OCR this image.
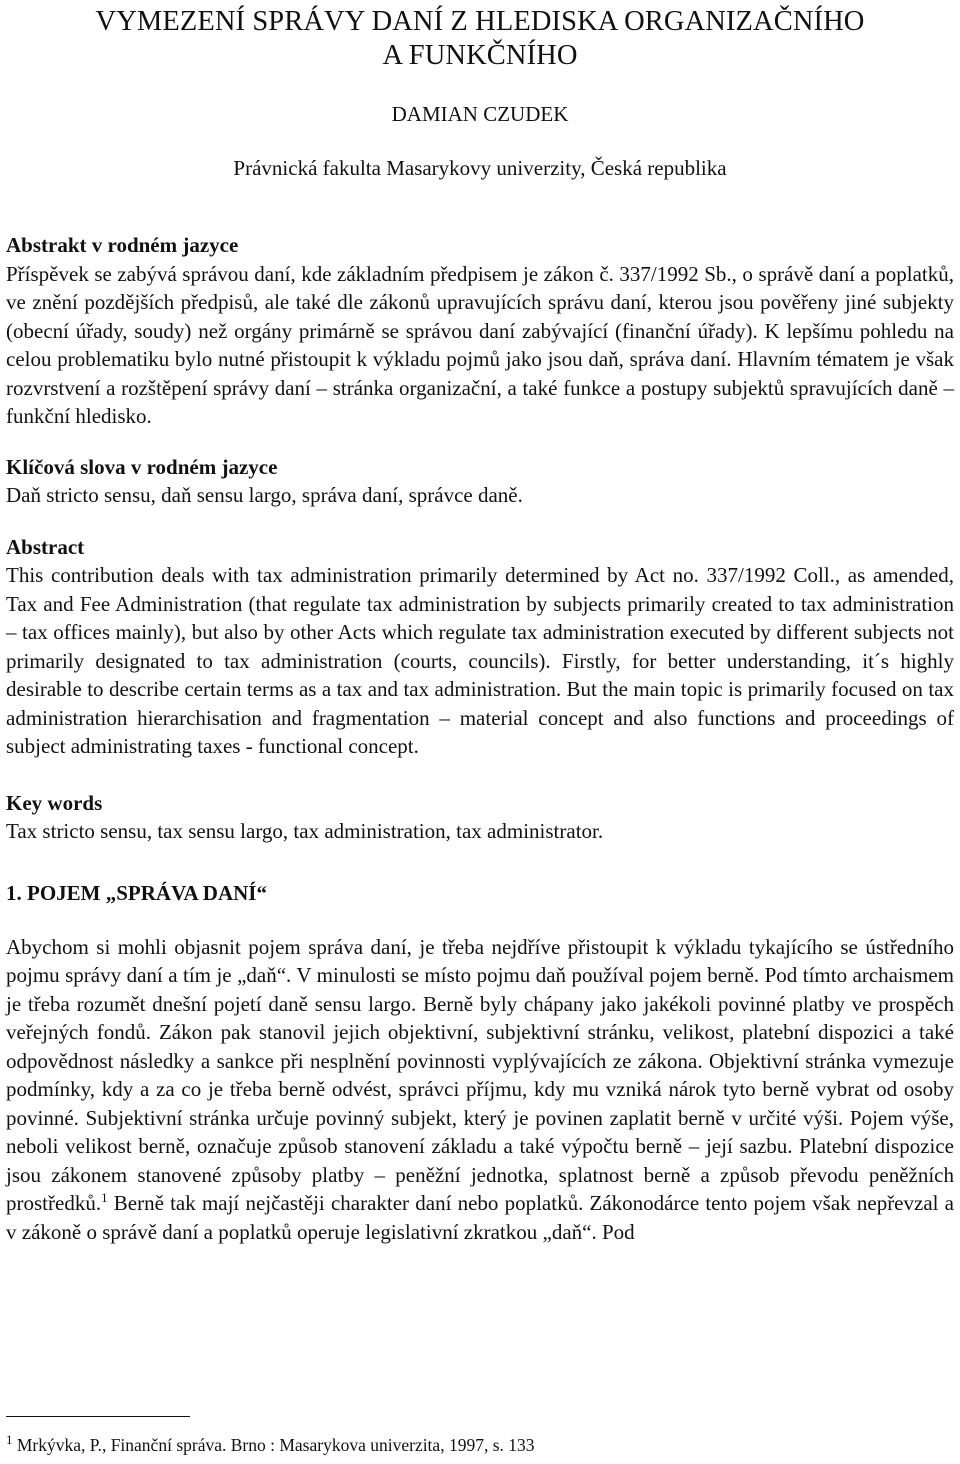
VYMEZENÍ SPRÁVY DANÍ Z HLEDISKA ORGANIZAČNÍHO
A FUNKČNÍHO

DAMIAN CZUDEK

Právnická fakulta Masarykovy univerzity, Česká republika

Abstrakt v rodném jazyce

Příspěvek se zabývá správou daní, kde základním předpisem je zákon č. 337/1992 Sb., o správě daní a poplatků, ve znění pozdějších předpisů, ale také dle zákonů upravujících správu daní, kterou jsou pověřeny jiné subjekty (obecní úřady, soudy) než orgány primárně se správou daní zabývající (finanční úřady). K lepšímu pohledu na celou problematiku bylo nutné přistoupit k výkladu pojmů jako jsou daň, správa daní. Hlavním tématem je však rozvrstvení a rozštěpení správy daní – stránka organizační, a také funkce a postupy subjektů spravujících daně – funkční hledisko.

Klíčová slova v rodném jazyce

Daň stricto sensu, daň sensu largo, správa daní, správce daně.

Abstract

This contribution deals with tax administration primarily determined by Act no. 337/1992 Coll., as amended, Tax and Fee Administration (that regulate tax administration by subjects primarily created to tax administration – tax offices mainly), but also by other Acts which regulate tax administration executed by different subjects not primarily designated to tax administration (courts, councils). Firstly, for better understanding, it´s highly desirable to describe certain terms as a tax and tax administration. But the main topic is primarily focused on tax administration hierarchisation and fragmentation – material concept and also functions and proceedings of subject administrating taxes - functional concept.

Key words

Tax stricto sensu, tax sensu largo, tax administration, tax administrator.

1. POJEM „SPRÁVA DANÍ“

Abychom si mohli objasnit pojem správa daní, je třeba nejdříve přistoupit k výkladu tykajícího se ústředního pojmu správy daní a tím je „daň“. V minulosti se místo pojmu daň používal pojem berně. Pod tímto archaismem je třeba rozumět dnešní pojetí daně sensu largo. Berně byly chápany jako jakékoli povinné platby ve prospěch veřejných fondů. Zákon pak stanovil jejich objektivní, subjektivní stránku, velikost, platební dispozici a také odpovědnost následky a sankce při nesplnění povinnosti vyplývajících ze zákona. Objektivní stránka vymezuje podmínky, kdy a za co je třeba berně odvést, správci příjmu, kdy mu vzniká nárok tyto berně vybrat od osoby povinné. Subjektivní stránka určuje povinný subjekt, který je povinen zaplatit berně v určité výši. Pojem výše, neboli velikost berně, označuje způsob stanovení základu a také výpočtu berně – její sazbu. Platební dispozice jsou zákonem stanovené způsoby platby – peněžní jednotka, splatnost berně a způsob převodu peněžních prostředků.$^1$ Berně tak mají nejčastěji charakter daní nebo poplatků. Zákonodárce tento pojem však nepřevzal a v zákoně o správě daní a poplatků operuje legislativní zkratkou „daň“. Pod

$^1$ Mrkývka, P., Finanční správa. Brno : Masarykova univerzita, 1997, s. 133
